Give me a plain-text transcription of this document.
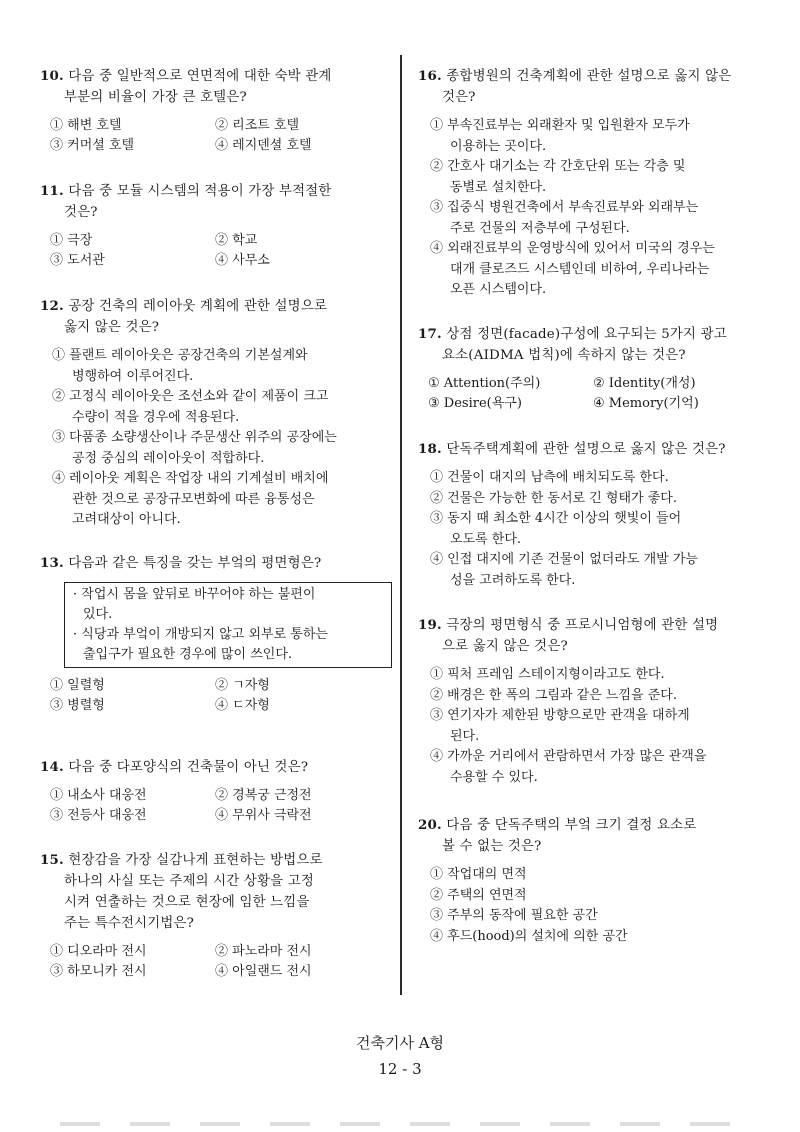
10. 다음 중 일반적으로 연면적에 대한 숙박 관계
부분의 비율이 가장 큰 호텔은?
① 해변 호텔	② 리조트 호텔
③ 커머셜 호텔	④ 레지덴셜 호텔
11. 다음 중 모듈 시스템의 적용이 가장 부적절한
것은?
① 극장	② 학교
③ 도서관	④ 사무소
12. 공장 건축의 레이아웃 계획에 관한 설명으로
옳지 않은 것은?
① 플랜트 레이아웃은 공장건축의 기본설계와
병행하여 이루어진다.
② 고정식 레이아웃은 조선소와 같이 제품이 크고
수량이 적을 경우에 적용된다.
③ 다품종 소량생산이나 주문생산 위주의 공장에는
공정 중심의 레이아웃이 적합하다.
④ 레이아웃 계획은 작업장 내의 기계설비 배치에
관한 것으로 공장규모변화에 따른 융통성은
고려대상이 아니다.
13. 다음과 같은 특징을 갖는 부엌의 평면형은?
· 작업시 몸을 앞뒤로 바꾸어야 하는 불편이
있다.
· 식당과 부엌이 개방되지 않고 외부로 통하는
출입구가 필요한 경우에 많이 쓰인다.
① 일렬형	② ㄱ자형
③ 병렬형	④ ㄷ자형
14. 다음 중 다포양식의 건축물이 아닌 것은?
① 내소사 대웅전	② 경복궁 근정전
③ 전등사 대웅전	④ 무위사 극락전
15. 현장감을 가장 실감나게 표현하는 방법으로
하나의 사실 또는 주제의 시간 상황을 고정
시켜 연출하는 것으로 현장에 임한 느낌을
주는 특수전시기법은?
① 디오라마 전시	② 파노라마 전시
③ 하모니카 전시	④ 아일랜드 전시
16. 종합병원의 건축계획에 관한 설명으로 옳지 않은
것은?
① 부속진료부는 외래환자 및 입원환자 모두가
이용하는 곳이다.
② 간호사 대기소는 각 간호단위 또는 각층 및
동별로 설치한다.
③ 집중식 병원건축에서 부속진료부와 외래부는
주로 건물의 저층부에 구성된다.
④ 외래진료부의 운영방식에 있어서 미국의 경우는
대개 클로즈드 시스템인데 비하여, 우리나라는
오픈 시스템이다.
17. 상점 정면(facade)구성에 요구되는 5가지 광고
요소(AIDMA 법칙)에 속하지 않는 것은?
① Attention(주의)	② Identity(개성)
③ Desire(욕구)	④ Memory(기억)
18. 단독주택계획에 관한 설명으로 옳지 않은 것은?
① 건물이 대지의 남측에 배치되도록 한다.
② 건물은 가능한 한 동서로 긴 형태가 좋다.
③ 동지 때 최소한 4시간 이상의 햇빛이 들어
오도록 한다.
④ 인접 대지에 기존 건물이 없더라도 개발 가능
성을 고려하도록 한다.
19. 극장의 평면형식 중 프로시니엄형에 관한 설명
으로 옳지 않은 것은?
① 픽처 프레임 스테이지형이라고도 한다.
② 배경은 한 폭의 그림과 같은 느낌을 준다.
③ 연기자가 제한된 방향으로만 관객을 대하게
된다.
④ 가까운 거리에서 관람하면서 가장 많은 관객을
수용할 수 있다.
20. 다음 중 단독주택의 부엌 크기 결정 요소로
볼 수 없는 것은?
① 작업대의 면적
② 주택의 연면적
③ 주부의 동작에 필요한 공간
④ 후드(hood)의 설치에 의한 공간
건축기사 A형
12 - 3
